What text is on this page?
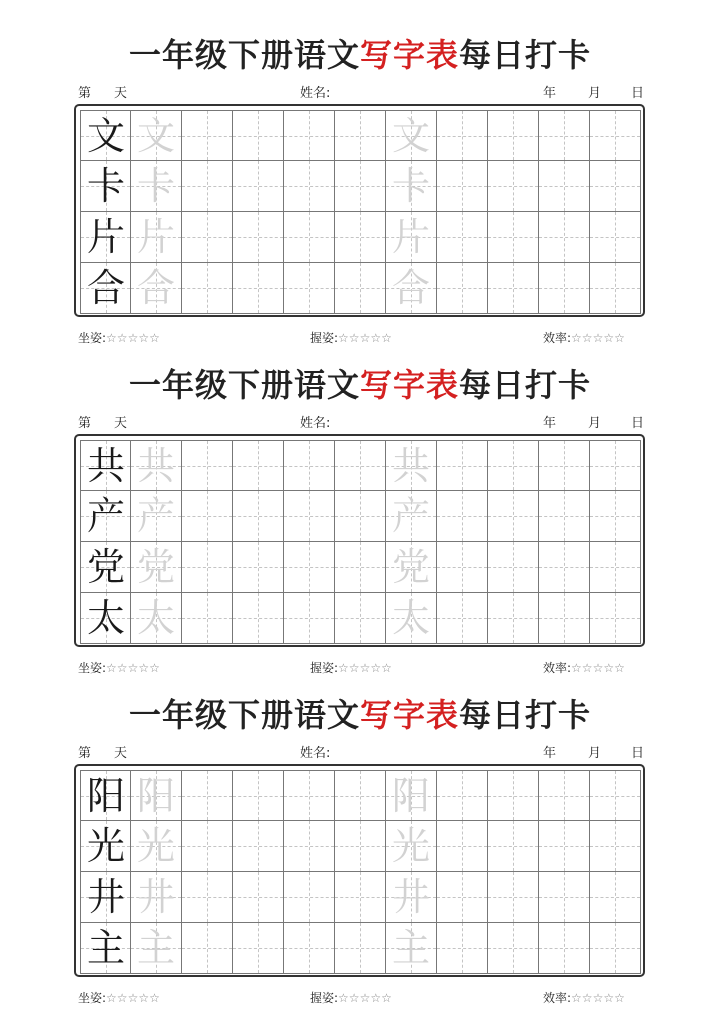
一年级下册语文写字表每日打卡
第 天	姓名:	年 月 日
文 文	文
卡 卡	卡
片 片	片
合 合	合
坐姿:☆☆☆☆☆	握姿:☆☆☆☆☆	效率:☆☆☆☆☆
一年级下册语文写字表每日打卡
第 天	姓名:	年 月 日
共 共	共
产 产	产
党 党	党
太 太	太
坐姿:☆☆☆☆☆	握姿:☆☆☆☆☆	效率:☆☆☆☆☆
一年级下册语文写字表每日打卡
第 天	姓名:	年 月 日
阳 阳	阳
光 光	光
井 井	井
主 主	主
坐姿:☆☆☆☆☆	握姿:☆☆☆☆☆	效率:☆☆☆☆☆
